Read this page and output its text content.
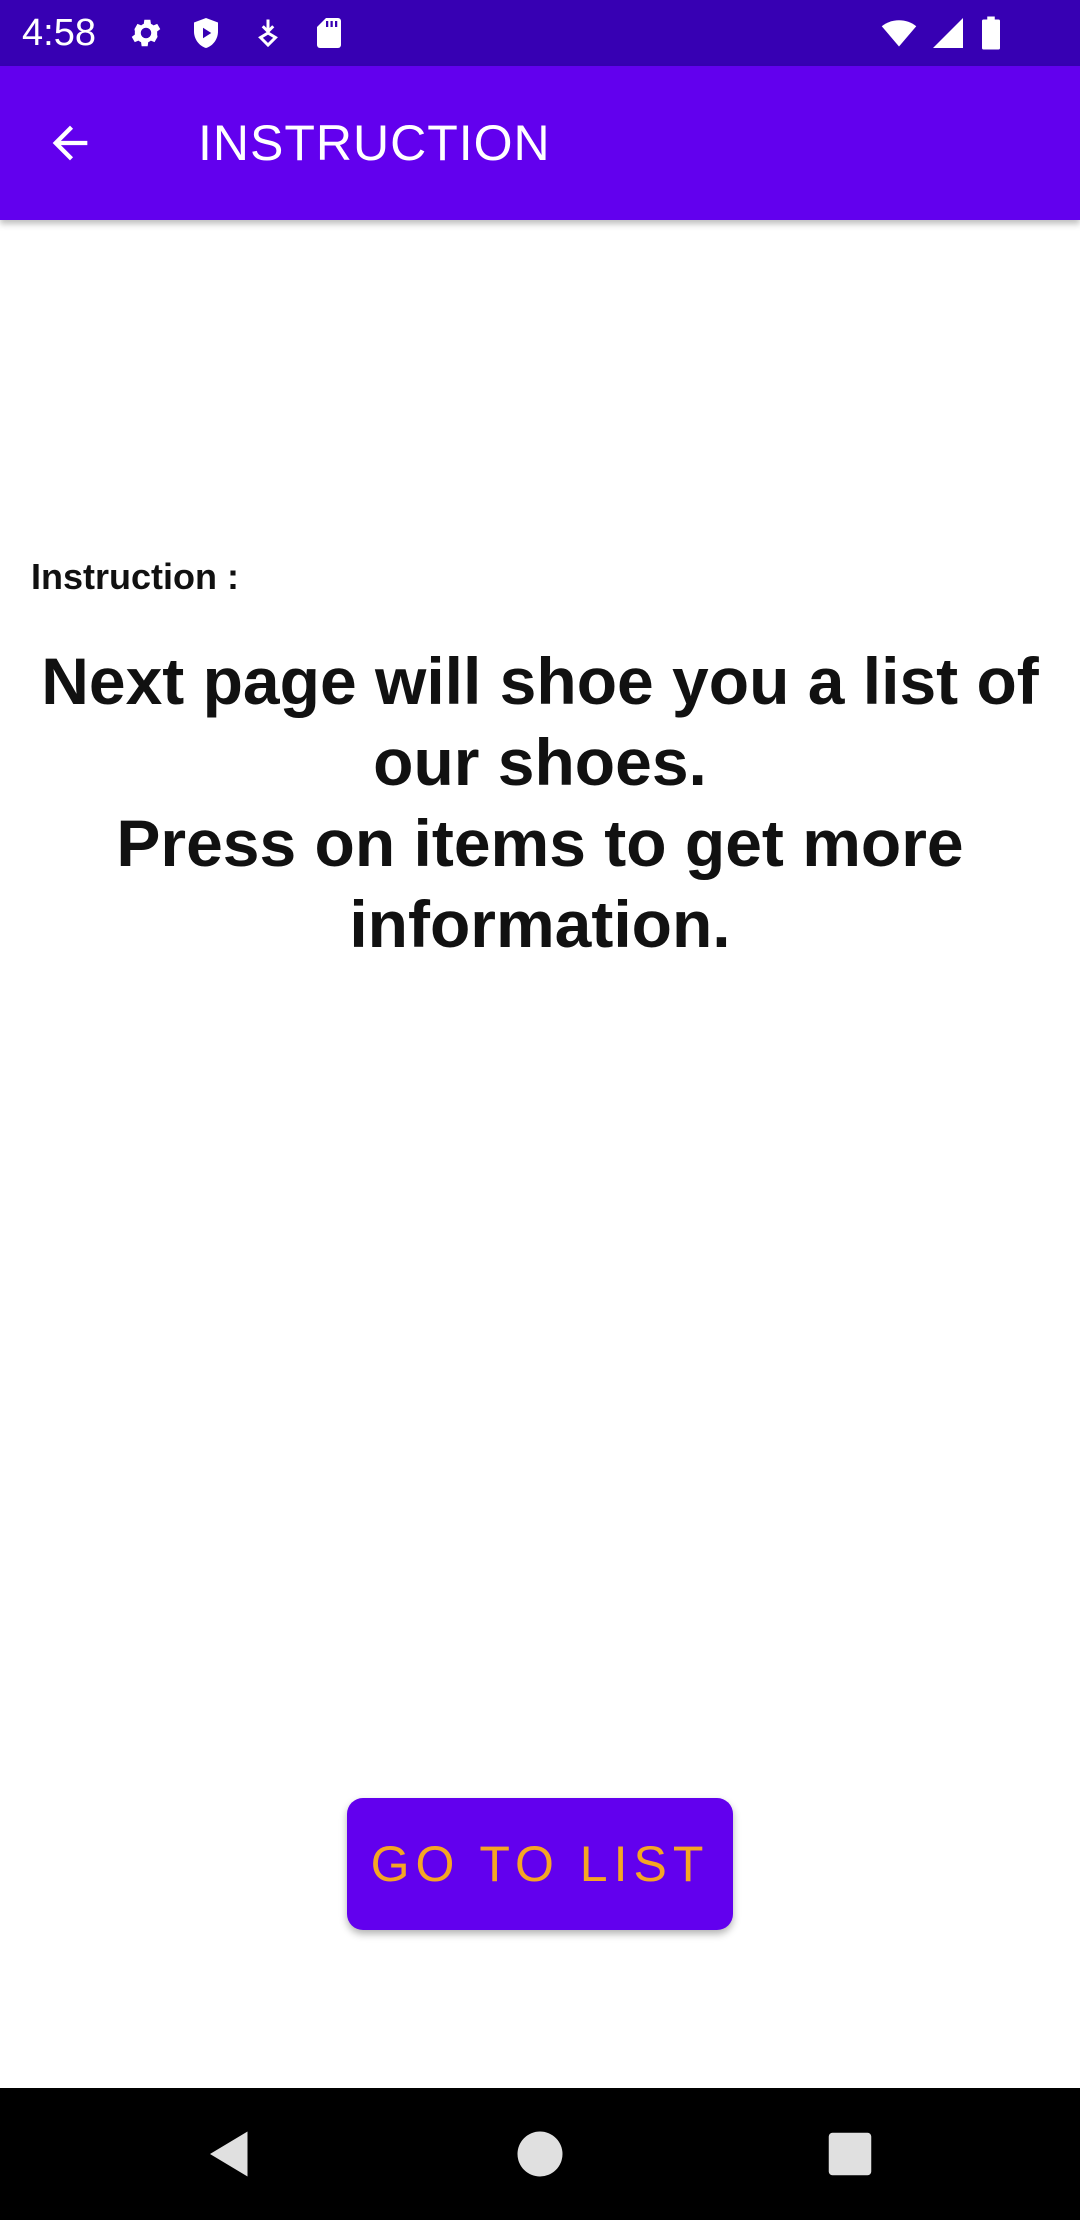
4:58
INSTRUCTION
Instruction :
Next page will shoe you a list of
our shoes.
Press on items to get more
information.
GO TO LIST
